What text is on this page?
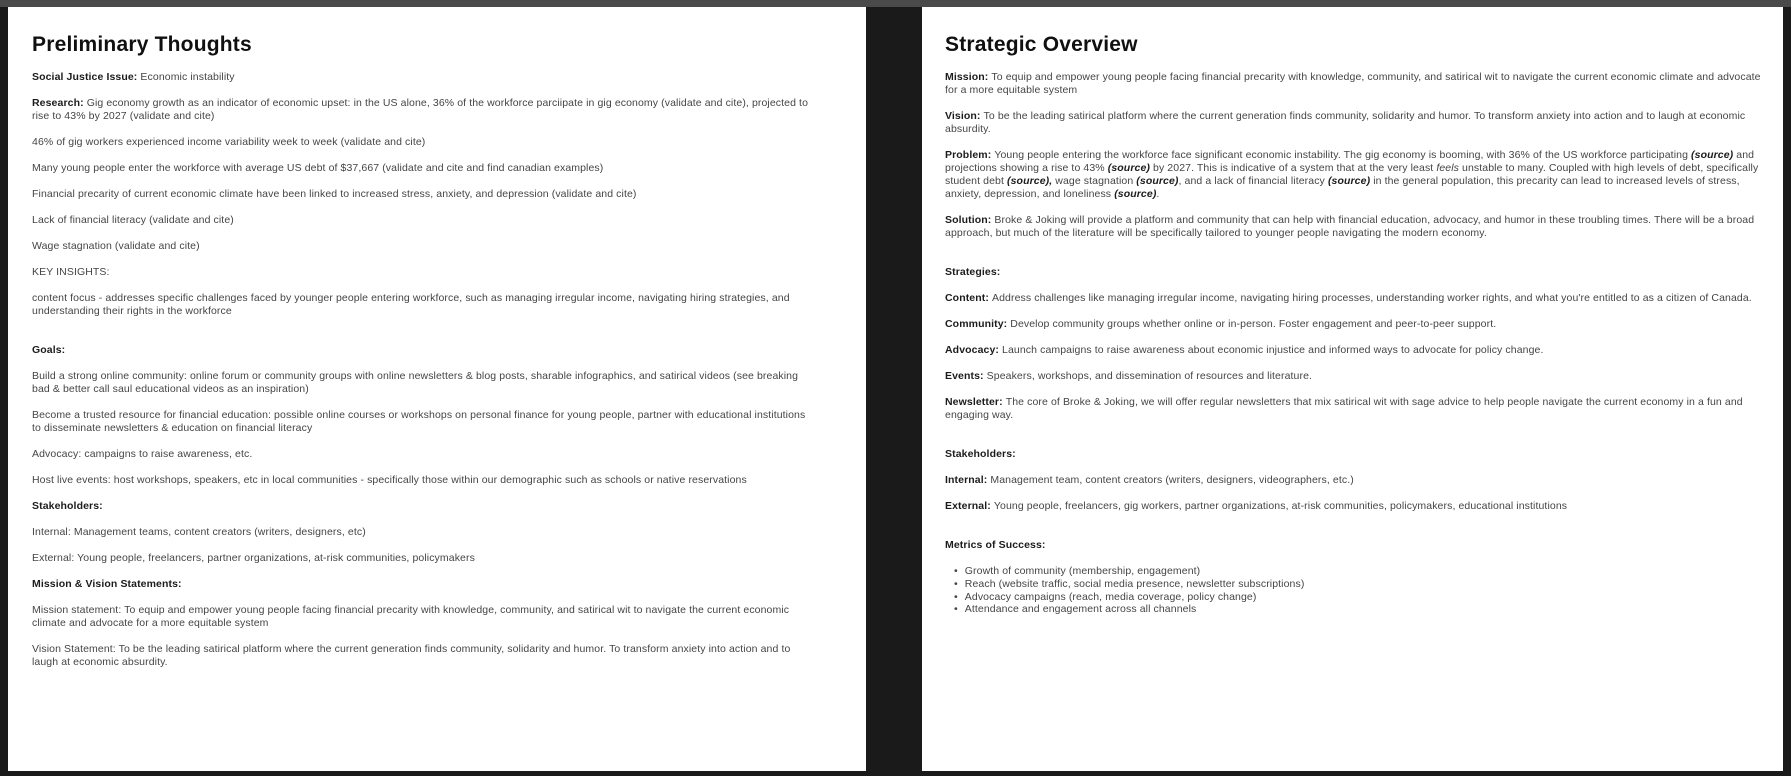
Preliminary Thoughts

Social Justice Issue: Economic instability

Research: Gig economy growth as an indicator of economic upset: in the US alone, 36% of the workforce parciipate in gig economy (validate and cite), projected to rise to 43% by 2027 (validate and cite)

46% of gig workers experienced income variability week to week (validate and cite)

Many young people enter the workforce with average US debt of $37,667 (validate and cite and find canadian examples)

Financial precarity of current economic climate have been linked to increased stress, anxiety, and depression (validate and cite)

Lack of financial literacy (validate and cite)

Wage stagnation (validate and cite)

KEY INSIGHTS:

content focus - addresses specific challenges faced by younger people entering workforce, such as managing irregular income, navigating hiring strategies, and understanding their rights in the workforce

Goals:

Build a strong online community: online forum or community groups with online newsletters & blog posts, sharable infographics, and satirical videos (see breaking bad & better call saul educational videos as an inspiration)

Become a trusted resource for financial education: possible online courses or workshops on personal finance for young people, partner with educational institutions to disseminate newsletters & education on financial literacy

Advocacy: campaigns to raise awareness, etc.

Host live events: host workshops, speakers, etc in local communities - specifically those within our demographic such as schools or native reservations

Stakeholders:

Internal: Management teams, content creators (writers, designers, etc)

External: Young people, freelancers, partner organizations, at-risk communities, policymakers

Mission & Vision Statements:

Mission statement: To equip and empower young people facing financial precarity with knowledge, community, and satirical wit to navigate the current economic climate and advocate for a more equitable system

Vision Statement: To be the leading satirical platform where the current generation finds community, solidarity and humor. To transform anxiety into action and to laugh at economic absurdity.

Strategic Overview

Mission: To equip and empower young people facing financial precarity with knowledge, community, and satirical wit to navigate the current economic climate and advocate for a more equitable system

Vision: To be the leading satirical platform where the current generation finds community, solidarity and humor. To transform anxiety into action and to laugh at economic absurdity.

Problem: Young people entering the workforce face significant economic instability. The gig economy is booming, with 36% of the US workforce participating (source) and projections showing a rise to 43% (source) by 2027. This is indicative of a system that at the very least feels unstable to many. Coupled with high levels of debt, specifically student debt (source), wage stagnation (source), and a lack of financial literacy (source) in the general population, this precarity can lead to increased levels of stress, anxiety, depression, and loneliness (source).

Solution: Broke & Joking will provide a platform and community that can help with financial education, advocacy, and humor in these troubling times. There will be a broad approach, but much of the literature will be specifically tailored to younger people navigating the modern economy.

Strategies:

Content: Address challenges like managing irregular income, navigating hiring processes, understanding worker rights, and what you're entitled to as a citizen of Canada.

Community: Develop community groups whether online or in-person. Foster engagement and peer-to-peer support.

Advocacy: Launch campaigns to raise awareness about economic injustice and informed ways to advocate for policy change.

Events: Speakers, workshops, and dissemination of resources and literature.

Newsletter: The core of Broke & Joking, we will offer regular newsletters that mix satirical wit with sage advice to help people navigate the current economy in a fun and engaging way.

Stakeholders:

Internal: Management team, content creators (writers, designers, videographers, etc.)

External: Young people, freelancers, gig workers, partner organizations, at-risk communities, policymakers, educational institutions

Metrics of Success:

• Growth of community (membership, engagement)
• Reach (website traffic, social media presence, newsletter subscriptions)
• Advocacy campaigns (reach, media coverage, policy change)
• Attendance and engagement across all channels
